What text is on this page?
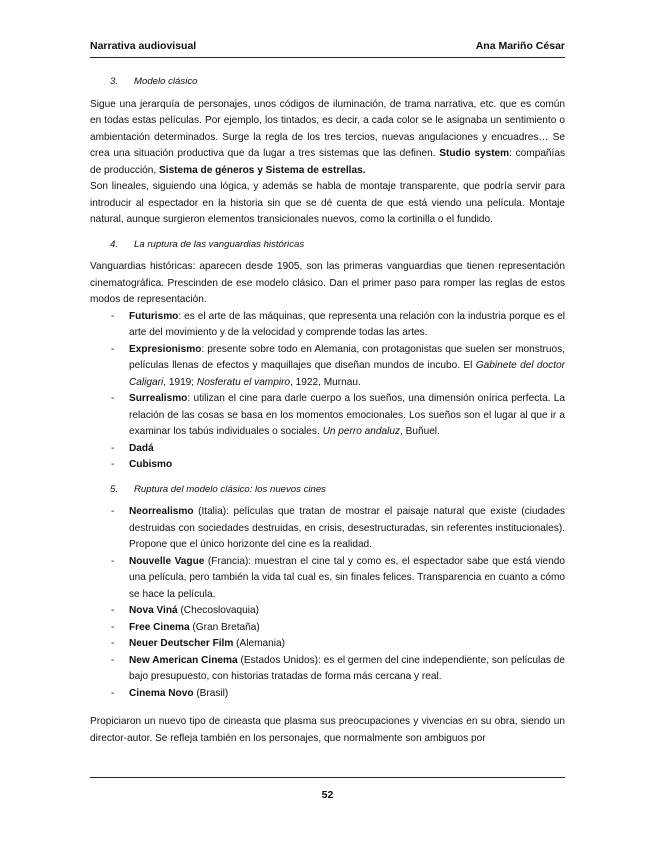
Narrativa audiovisual	Ana Mariño César
3. Modelo clásico

Sigue una jerarquía de personajes, unos códigos de iluminación, de trama narrativa, etc. que es común en todas estas películas. Por ejemplo, los tintados, es decir, a cada color se le asignaba un sentimiento o ambientación determinados. Surge la regla de los tres tercios, nuevas angulaciones y encuadres… Se crea una situación productiva que da lugar a tres sistemas que las definen. Studio system: compañías de producción, Sistema de géneros y Sistema de estrellas.

Son lineales, siguiendo una lógica, y además se habla de montaje transparente, que podría servir para introducir al espectador en la historia sin que se dé cuenta de que está viendo una película. Montaje natural, aunque surgieron elementos transicionales nuevos, como la cortinilla o el fundido.

4. La ruptura de las vanguardias históricas

Vanguardias históricas: aparecen desde 1905, son las primeras vanguardias que tienen representación cinematográfica. Prescinden de ese modelo clásico. Dan el primer paso para romper las reglas de estos modos de representación.

- Futurismo: es el arte de las máquinas, que representa una relación con la industria porque es el arte del movimiento y de la velocidad y comprende todas las artes.
- Expresionismo: presente sobre todo en Alemania, con protagonistas que suelen ser monstruos, películas llenas de efectos y maquillajes que diseñan mundos de incubo. El Gabinete del doctor Caligari, 1919; Nosferatu el vampiro, 1922, Murnau.
- Surrealismo: utilizan el cine para darle cuerpo a los sueños, una dimensión onírica perfecta. La relación de las cosas se basa en los momentos emocionales. Los sueños son el lugar al que ir a examinar los tabús individuales o sociales. Un perro andaluz, Buñuel.
- Dadá
- Cubismo
5. Ruptura del modelo clásico: los nuevos cines
- Neorrealismo (Italia): películas que tratan de mostrar el paisaje natural que existe (ciudades destruidas con sociedades destruidas, en crisis, desestructuradas, sin referentes institucionales). Propone que el único horizonte del cine es la realidad.
- Nouvelle Vague (Francia): muestran el cine tal y como es, el espectador sabe que está viendo una película, pero también la vida tal cual es, sin finales felices. Transparencia en cuanto a cómo se hace la película.
- Nova Viná (Checoslovaquia)
- Free Cinema (Gran Bretaña)
- Neuer Deutscher Film (Alemania)
- New American Cinema (Estados Unidos): es el germen del cine independiente, son películas de bajo presupuesto, con historias tratadas de forma más cercana y real.
- Cinema Novo (Brasil)

Propiciaron un nuevo tipo de cineasta que plasma sus preocupaciones y vivencias en su obra, siendo un director-autor. Se refleja también en los personajes, que normalmente son ambiguos por

52
